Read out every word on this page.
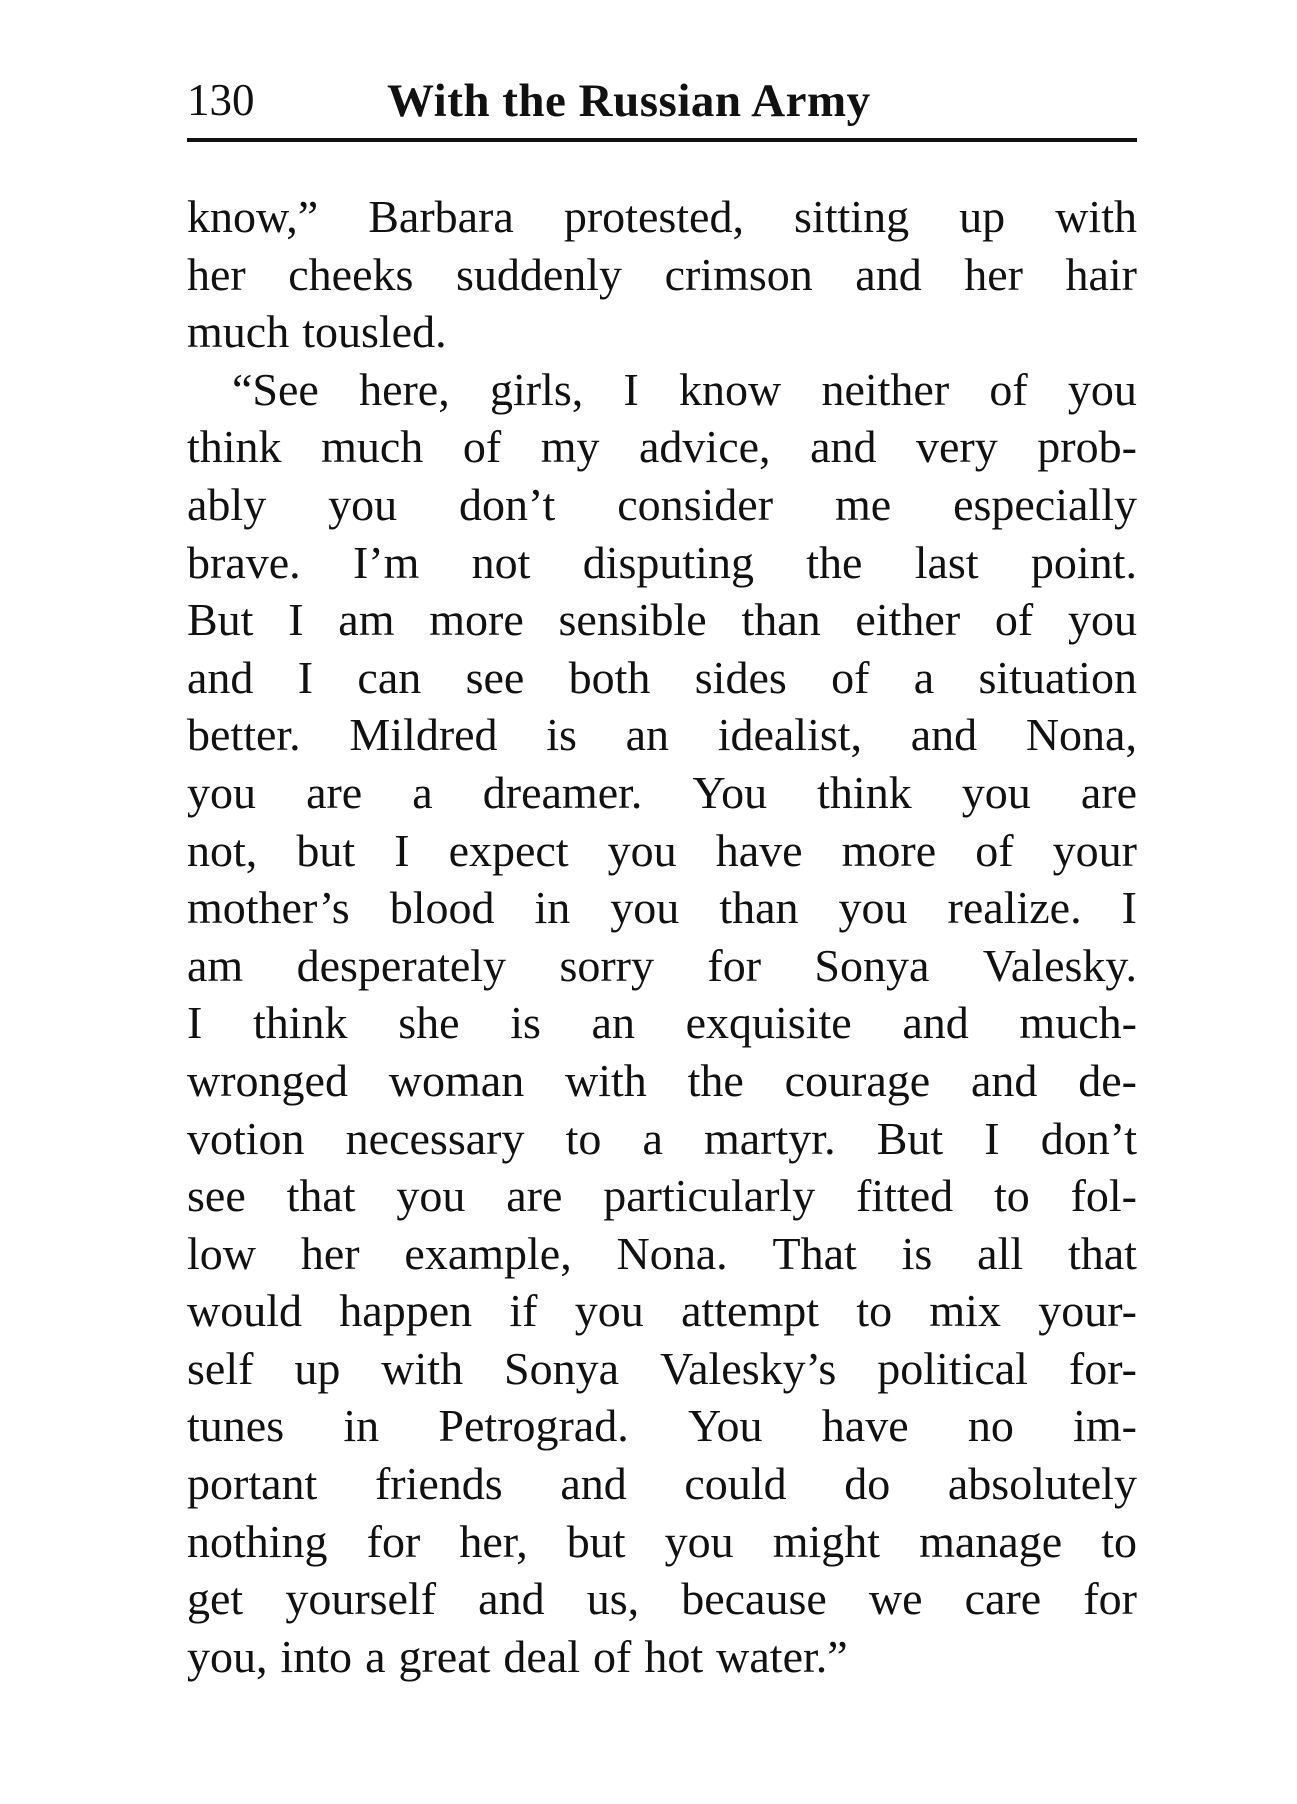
130	With the Russian Army
know,” Barbara protested, sitting up with
her cheeks suddenly crimson and her hair
much tousled.
“See here, girls, I know neither of you
think much of my advice, and very prob-
ably you don’t consider me especially
brave. I’m not disputing the last point.
But I am more sensible than either of you
and I can see both sides of a situation
better. Mildred is an idealist, and Nona,
you are a dreamer. You think you are
not, but I expect you have more of your
mother’s blood in you than you realize. I
am desperately sorry for Sonya Valesky.
I think she is an exquisite and much-
wronged woman with the courage and de-
votion necessary to a martyr. But I don’t
see that you are particularly fitted to fol-
low her example, Nona. That is all that
would happen if you attempt to mix your-
self up with Sonya Valesky’s political for-
tunes in Petrograd. You have no im-
portant friends and could do absolutely
nothing for her, but you might manage to
get yourself and us, because we care for
you, into a great deal of hot water.”
